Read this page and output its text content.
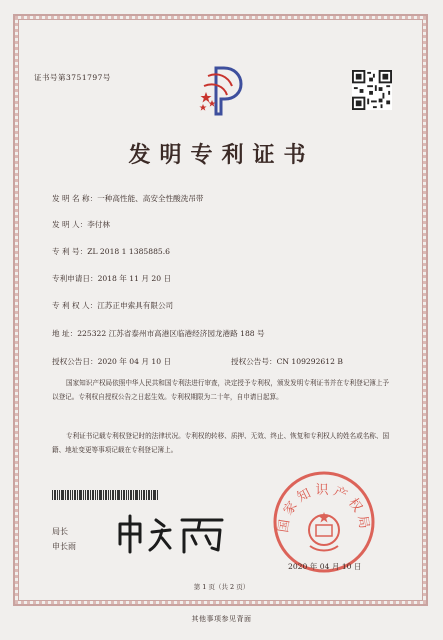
证书号第3751797号
发明专利证书
发 明 名 称：一种高性能、高安全性酸洗吊带
发 明 人：李付林
专 利 号：ZL 2018 1 1385885.6
专利申请日：2018 年 11 月 20 日
专 利 权 人：江苏正申索具有限公司
地 址：225322 江苏省泰州市高港区临港经济园龙港路 188 号
授权公告日：2020 年 04 月 10 日	授权公告号：CN 109292612 B
国家知识产权局依照中华人民共和国专利法进行审查，决定授予专利权，颁发发明专利证书并在专利登记簿上予以登记。专利权自授权公告之日起生效。专利权期限为二十年，自申请日起算。
专利证书记载专利权登记时的法律状况。专利权的转移、质押、无效、终止、恢复和专利权人的姓名或名称、国籍、地址变更等事项记载在专利登记簿上。
局长
申长雨
国家知识产权局
2020 年 04 月 10 日
第 1 页（共 2 页）
其他事项参见背面
